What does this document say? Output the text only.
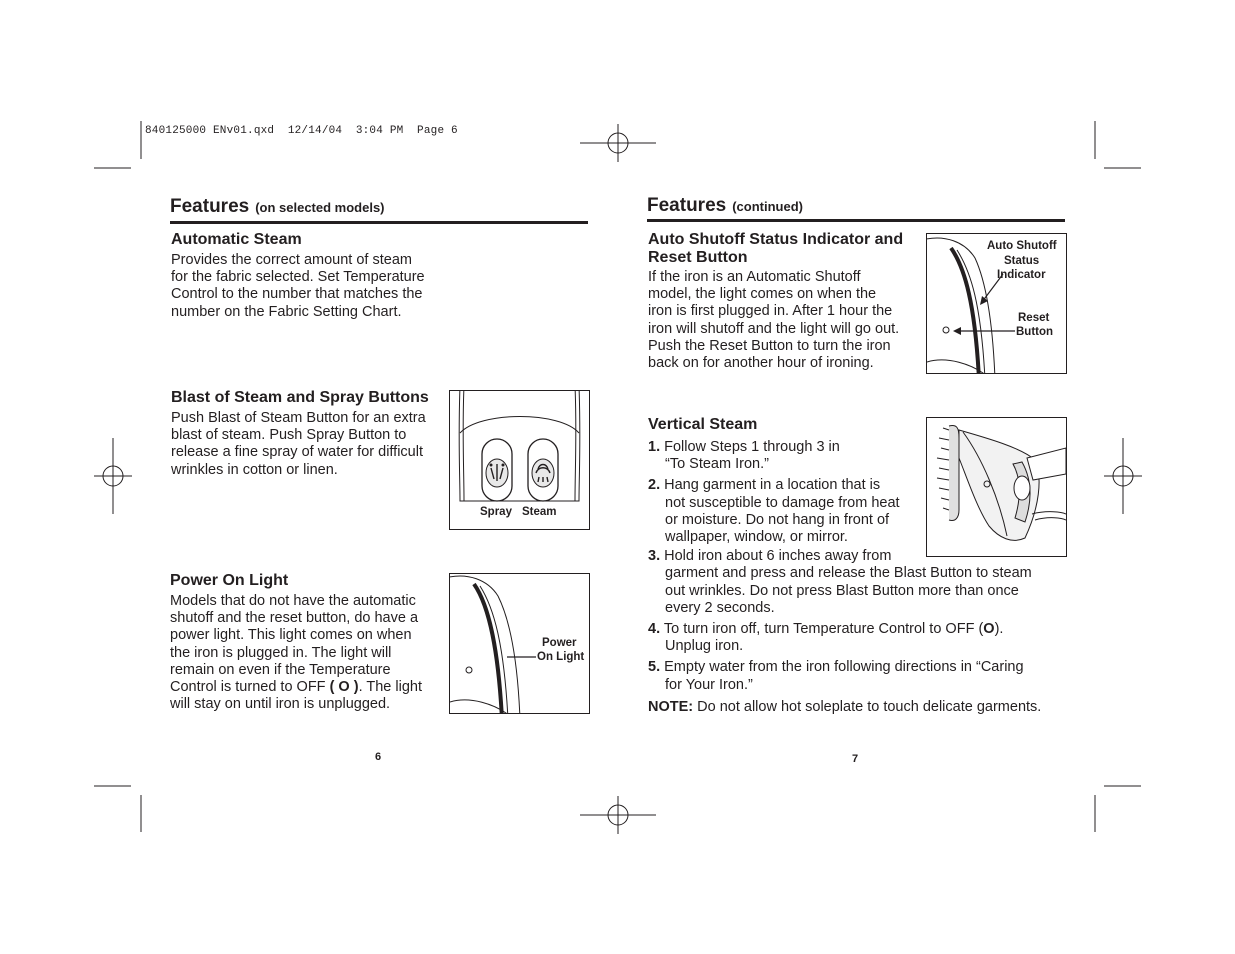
840125000 ENv01.qxd  12/14/04  3:04 PM  Page 6
Features (on selected models)
Automatic Steam
Provides the correct amount of steam
for the fabric selected. Set Temperature
Control to the number that matches the
number on the Fabric Setting Chart.
Blast of Steam and Spray Buttons
Push Blast of Steam Button for an extra
blast of steam. Push Spray Button to
release a fine spray of water for difficult
wrinkles in cotton or linen.
Spray Steam
Power On Light
Models that do not have the automatic
shutoff and the reset button, do have a
power light. This light comes on when
the iron is plugged in. The light will
remain on even if the Temperature
Control is turned to OFF ( O ). The light
will stay on until iron is unplugged.
Power
On Light
6
Features (continued)
Auto Shutoff Status Indicator and
Reset Button
If the iron is an Automatic Shutoff
model, the light comes on when the
iron is first plugged in. After 1 hour the
iron will shutoff and the light will go out.
Push the Reset Button to turn the iron
back on for another hour of ironing.
Auto Shutoff
Status
Indicator
Reset
Button
Vertical Steam
1. Follow Steps 1 through 3 in
“To Steam Iron.”
2. Hang garment in a location that is
not susceptible to damage from heat
or moisture. Do not hang in front of
wallpaper, window, or mirror.
3. Hold iron about 6 inches away from
garment and press and release the Blast Button to steam
out wrinkles. Do not press Blast Button more than once
every 2 seconds.
4. To turn iron off, turn Temperature Control to OFF (O).
Unplug iron.
5. Empty water from the iron following directions in “Caring
for Your Iron.”
NOTE: Do not allow hot soleplate to touch delicate garments.
7
